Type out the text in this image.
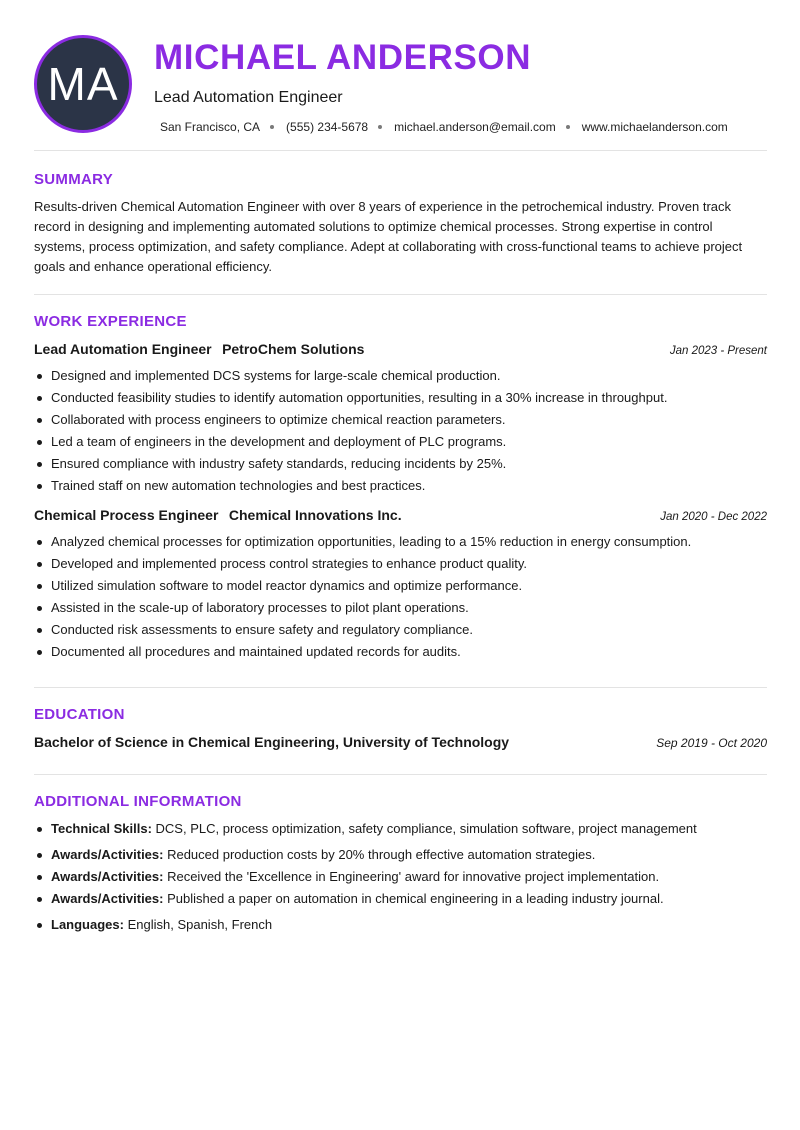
MA
MICHAEL ANDERSON
Lead Automation Engineer
San Francisco, CA (555) 234-5678 michael.anderson@email.com www.michaelanderson.com
SUMMARY
Results-driven Chemical Automation Engineer with over 8 years of experience in the petrochemical industry. Proven track record in designing and implementing automated solutions to optimize chemical processes. Strong expertise in control systems, process optimization, and safety compliance. Adept at collaborating with cross-functional teams to achieve project goals and enhance operational efficiency.
WORK EXPERIENCE
Lead Automation Engineer PetroChem Solutions	Jan 2023 - Present
Designed and implemented DCS systems for large-scale chemical production.
Conducted feasibility studies to identify automation opportunities, resulting in a 30% increase in throughput.
Collaborated with process engineers to optimize chemical reaction parameters.
Led a team of engineers in the development and deployment of PLC programs.
Ensured compliance with industry safety standards, reducing incidents by 25%.
Trained staff on new automation technologies and best practices.
Chemical Process Engineer Chemical Innovations Inc.	Jan 2020 - Dec 2022
Analyzed chemical processes for optimization opportunities, leading to a 15% reduction in energy consumption.
Developed and implemented process control strategies to enhance product quality.
Utilized simulation software to model reactor dynamics and optimize performance.
Assisted in the scale-up of laboratory processes to pilot plant operations.
Conducted risk assessments to ensure safety and regulatory compliance.
Documented all procedures and maintained updated records for audits.
EDUCATION
Bachelor of Science in Chemical Engineering, University of Technology	Sep 2019 - Oct 2020
ADDITIONAL INFORMATION
Technical Skills: DCS, PLC, process optimization, safety compliance, simulation software, project management
Awards/Activities: Reduced production costs by 20% through effective automation strategies.
Awards/Activities: Received the 'Excellence in Engineering' award for innovative project implementation.
Awards/Activities: Published a paper on automation in chemical engineering in a leading industry journal.
Languages: English, Spanish, French
